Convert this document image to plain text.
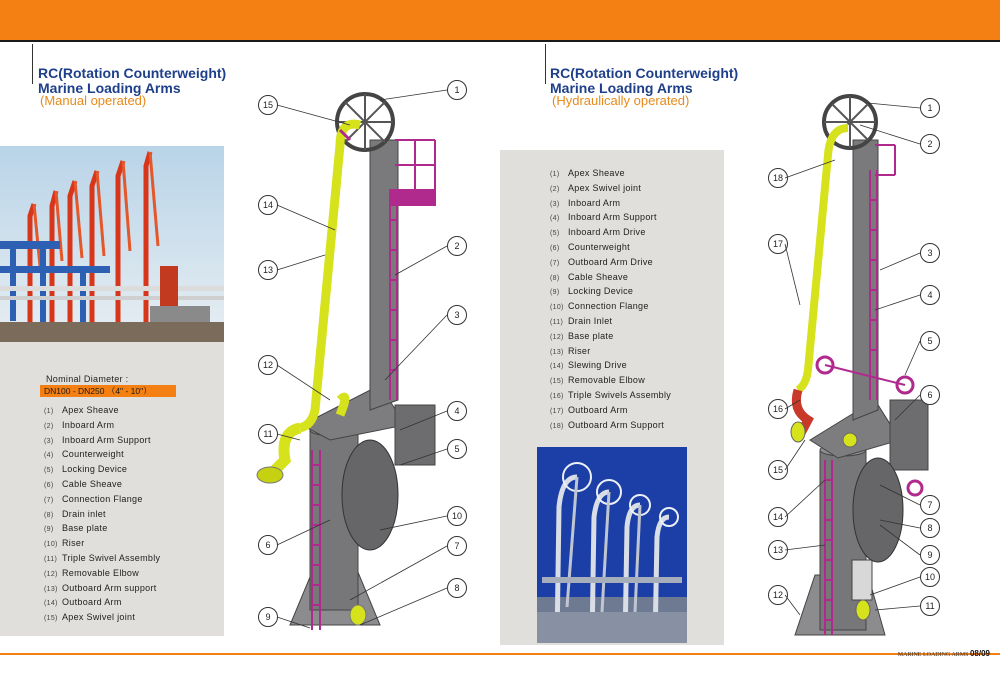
RC(Rotation Counterweight)
Marine Loading Arms
(Manual operated)
Nominal Diameter :
DN100 - DN250 （4" - 10"）
(1) Apex Sheave
(2) Inboard Arm
(3) Inboard Arm Support
(4) Counterweight
(5) Locking Device
(6) Cable Sheave
(7) Connection Flange
(8) Drain inlet
(9) Base plate
(10) Riser
(11) Triple Swivel Assembly
(12) Removable Elbow
(13) Outboard Arm support
(14) Outboard Arm
(15) Apex Swivel joint
1
15
14
13
2
3
12
11
4
5
6
10
7
8
9
RC(Rotation Counterweight)
Marine Loading Arms
(Hydraulically operated)
(1) Apex Sheave
(2) Apex Swivel joint
(3) Inboard Arm
(4) Inboard Arm Support
(5) Inboard Arm Drive
(6) Counterweight
(7) Outboard Arm Drive
(8) Cable Sheave
(9) Locking Device
(10) Connection Flange
(11) Drain Inlet
(12) Base plate
(13) Riser
(14) Slewing Drive
(15) Removable Elbow
(16) Triple Swivels Assembly
(17) Outboard Arm
(18) Outboard Arm Support
1
2
18
17
3
4
5
16
6
15
7
14
8
13	9
10
12
11
MARINE LOADING ARMS 08/09
